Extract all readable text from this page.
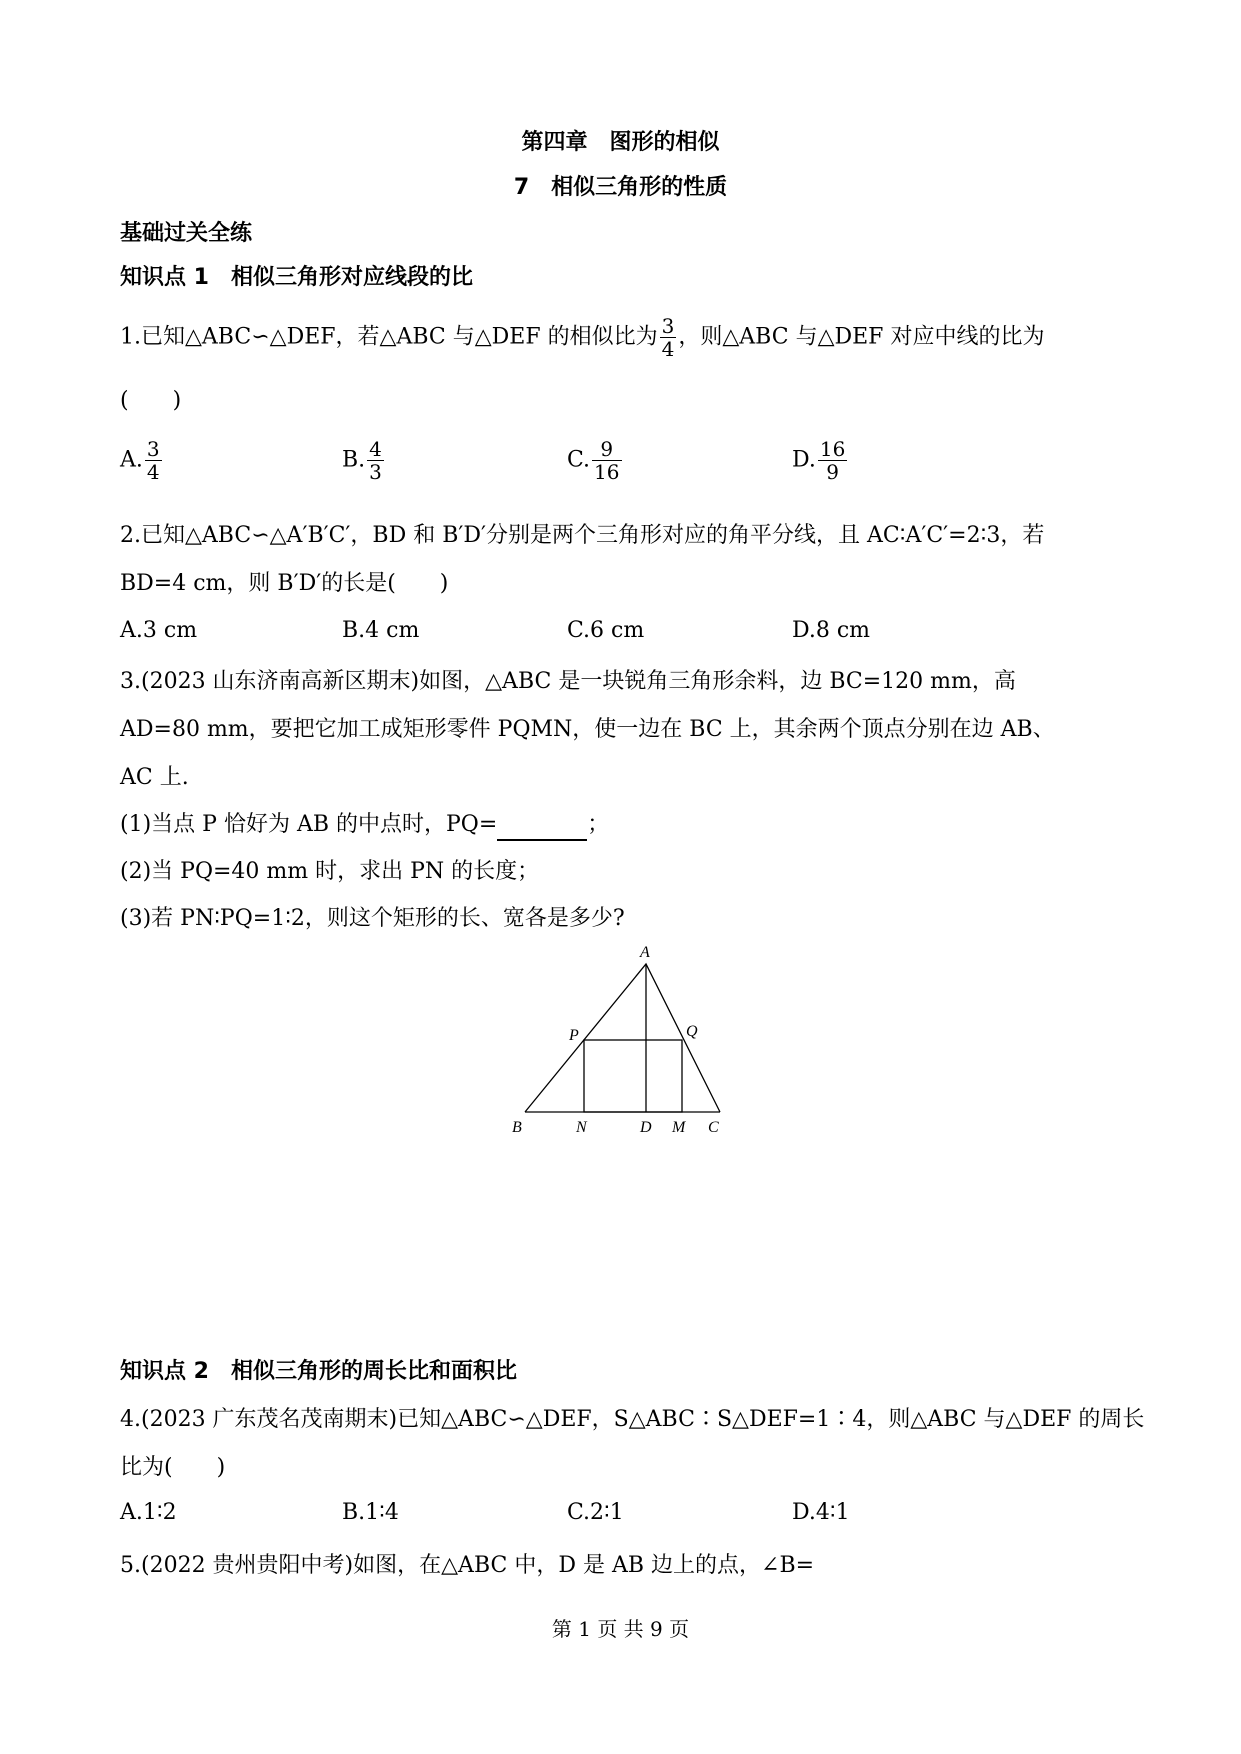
第四章　图形的相似
7　相似三角形的性质
基础过关全练
知识点 1　相似三角形对应线段的比
1.已知△ABC∽△DEF，若△ABC 与△DEF 的相似比为 $\frac{3}{4}$ ，则△ABC 与△DEF 对应中线的比为
(　　)
A. $\frac{3}{4}$	B. $\frac{4}{3}$	C. $\frac{9}{16}$	D. $\frac{16}{9}$
2.已知△ABC∽△A′B′C′，BD 和 B′D′分别是两个三角形对应的角平分线，且 AC∶A′C′=2∶3，若
BD=4 cm，则 B′D′的长是(　　)
A.3 cm	B.4 cm	C.6 cm	D.8 cm
3.(2023 山东济南高新区期末)如图，△ABC 是一块锐角三角形余料，边 BC=120 mm，高
AD=80 mm，要把它加工成矩形零件 PQMN，使一边在 BC 上，其余两个顶点分别在边 AB、
AC 上.
(1)当点 P 恰好为 AB 的中点时，PQ=	；
(2)当 PQ=40 mm 时，求出 PN 的长度；
(3)若 PN∶PQ=1∶2，则这个矩形的长、宽各是多少?
A
B	C
D M
N
P	Q
知识点 2　相似三角形的周长比和面积比
4.(2023 广东茂名茂南期末)已知△ABC∽△DEF，S△ABC∶S△DEF=1∶4，则△ABC 与△DEF 的周长
比为(　　)
A.1∶2	B.1∶4	C.2∶1	D.4∶1
5.(2022 贵州贵阳中考)如图，在△ABC 中，D 是 AB 边上的点，∠B=
第 1 页 共 9 页
